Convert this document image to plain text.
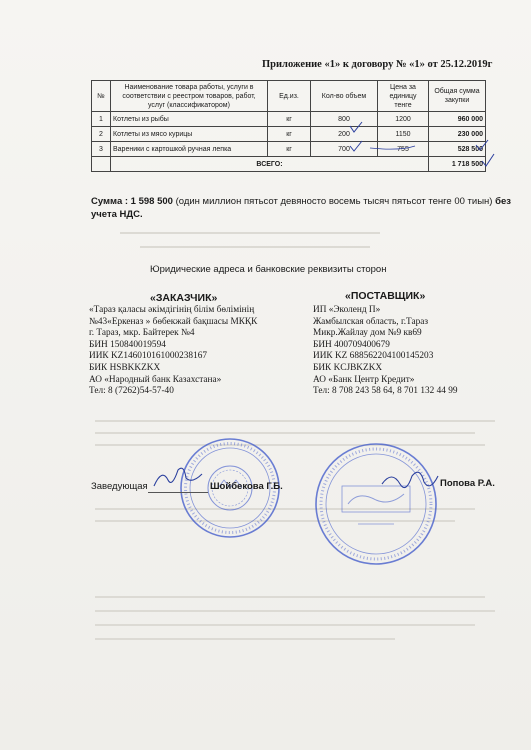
Приложение «1» к договору № «1» от 25.12.2019г
№	Наименование товара работы, услуги в соответствии с реестром товаров, работ, услуг (классификатором)	Ед.из.	Кол-во объем	Цена за единицу тенге	Общая сумма закупки
1	Котлеты из рыбы	кг	800	1200	960 000
2	Котлеты из мясо курицы	кг	200	1150	230 000
3	Вареники с картошкой ручная лепка	кг	700	755	528 500
	ВСЕГО:				1 718 500
Сумма : 1 598 500 (один миллион пятьсот девяносто восемь тысяч пятьсот тенге 00 тиын) без учета НДС.
Юридические адреса и банковские реквизиты сторон
«ЗАКАЗЧИК»	«ПОСТАВЩИК»
«Тараз қаласы әкімдігінің білім бөлімінің
№43«Еркеназ » бөбекжай бақшасы МКҚК
г. Тараз, мкр. Байтерек №4
БИН 150840019594
ИИК KZ146010161000238167
БИК HSBKKZKX
АО «Народный банк Казахстана»
Тел: 8 (7262)54-57-40
ИП «Эколенд П»
Жамбылская область, г.Тараз
Микр.Жайлау дом №9 кв69
БИН 400709400679
ИИК KZ 688562204100145203
БИК KCJBKZKX
АО «Банк Центр Кредит»
Тел: 8 708 243 58 64, 8 701 132 44 99
Заведующая	Шойбекова Г.Б.	Попова Р.А.
